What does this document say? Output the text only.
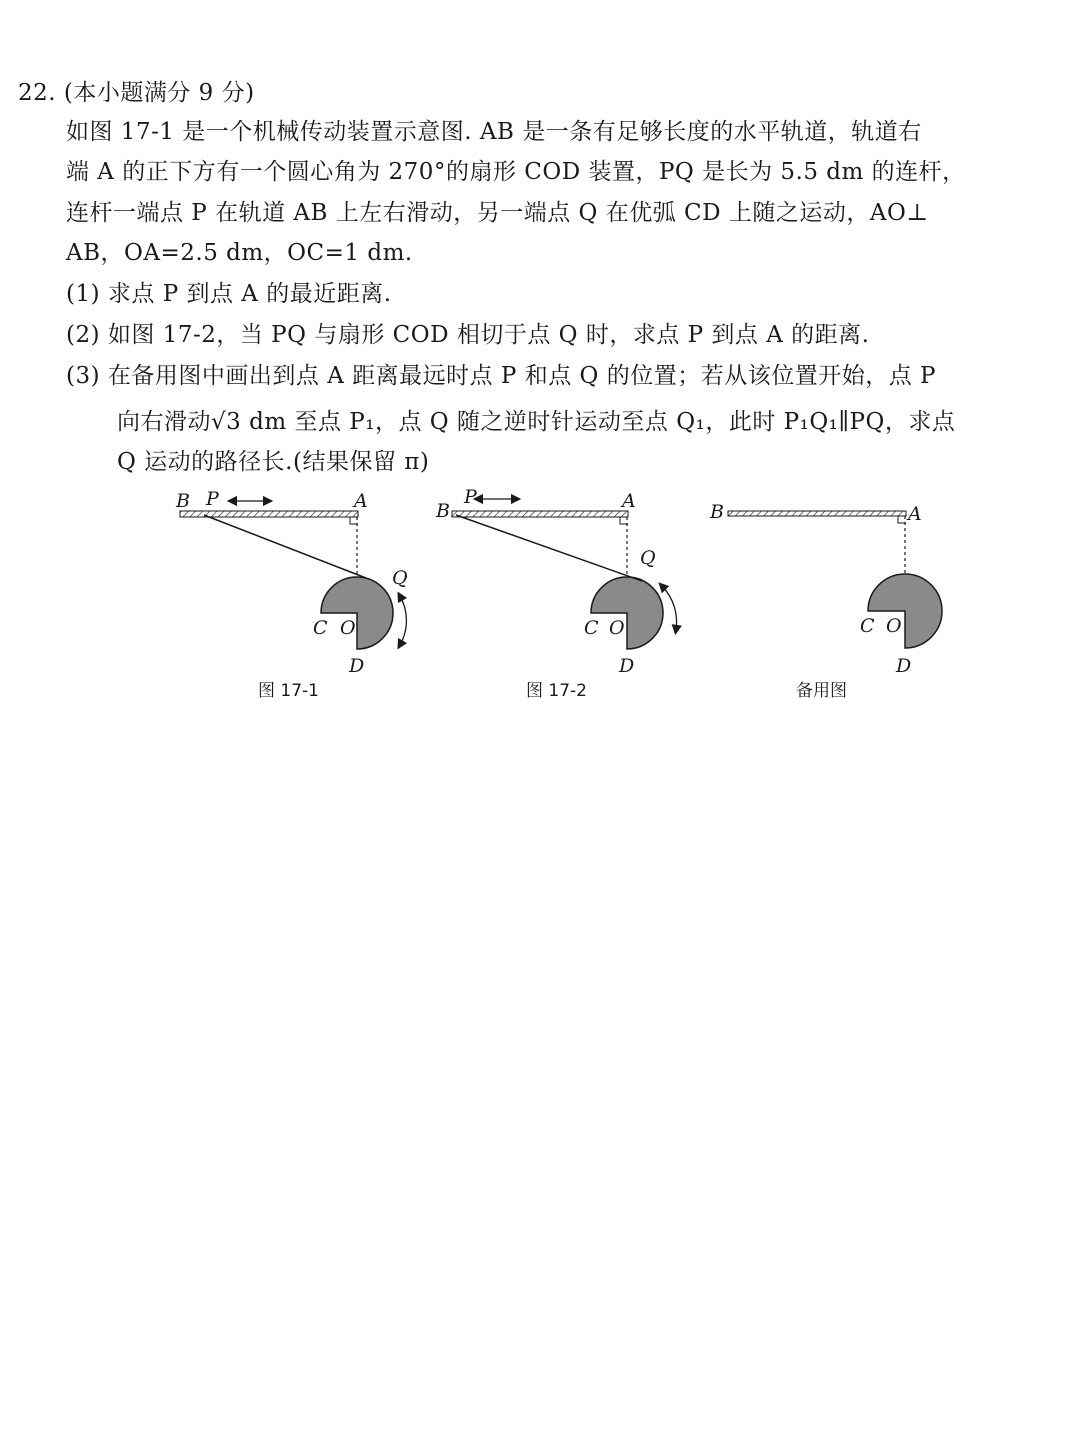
22. (本小题满分 9 分)
如图 17-1 是一个机械传动装置示意图. AB 是一条有足够长度的水平轨道，轨道右
端 A 的正下方有一个圆心角为 270°的扇形 COD 装置，PQ 是长为 5.5 dm 的连杆，
连杆一端点 P 在轨道 AB 上左右滑动，另一端点 Q 在优弧 CD 上随之运动，AO⊥
AB，OA=2.5 dm，OC=1 dm.
(1) 求点 P 到点 A 的最近距离.
(2) 如图 17-2，当 PQ 与扇形 COD 相切于点 Q 时，求点 P 到点 A 的距离.
(3) 在备用图中画出到点 A 距离最远时点 P 和点 Q 的位置；若从该位置开始，点 P
向右滑动√3 dm 至点 P₁，点 Q 随之逆时针运动至点 Q₁，此时 P₁Q₁∥PQ，求点
Q 运动的路径长.(结果保留 π)
B P	A
Q
C O
D
图 17-1
B
P	A
Q
C O
D
图 17-2
B	A
C O
D
备用图
